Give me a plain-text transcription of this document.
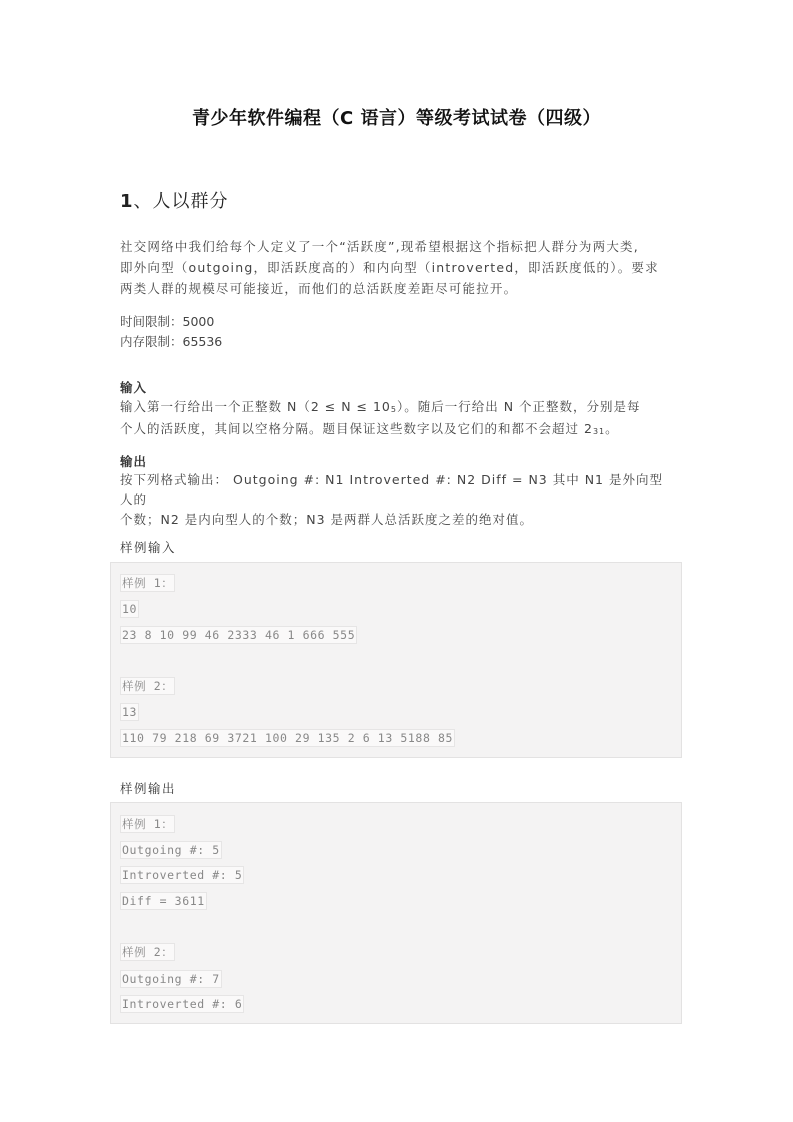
青少年软件编程（C 语言）等级考试试卷（四级）
1、人以群分

社交网络中我们给每个人定义了一个“活跃度”,现希望根据这个指标把人群分为两大类,
即外向型（outgoing，即活跃度高的）和内向型（introverted，即活跃度低的）。要求
两类人群的规模尽可能接近，而他们的总活跃度差距尽可能拉开。

时间限制：5000
内存限制：65536
输入

输入第一行给出一个正整数 $N(2 \le N \le 10^5)$。随后一行给出 N 个正整数，分别是每
个人的活跃度，其间以空格分隔。题目保证这些数字以及它们的和都不会超过 $2^{31}$。

输出

按下列格式输出： Outgoing #: N1 Introverted #: N2 Diff = N3 其中 N1 是外向型人的
个数；N2 是内向型人的个数；N3 是两群人总活跃度之差的绝对值。

样例输入
样例 1：
10
23 8 10 99 46 2333 46 1 666 555
样例 2：
13
110 79 218 69 3721 100 29 135 2 6 13 5188 85
样例输出
样例 1：
Outgoing #: 5
Introverted #: 5
Diff = 3611
样例 2：
Outgoing #: 7
Introverted #: 6
